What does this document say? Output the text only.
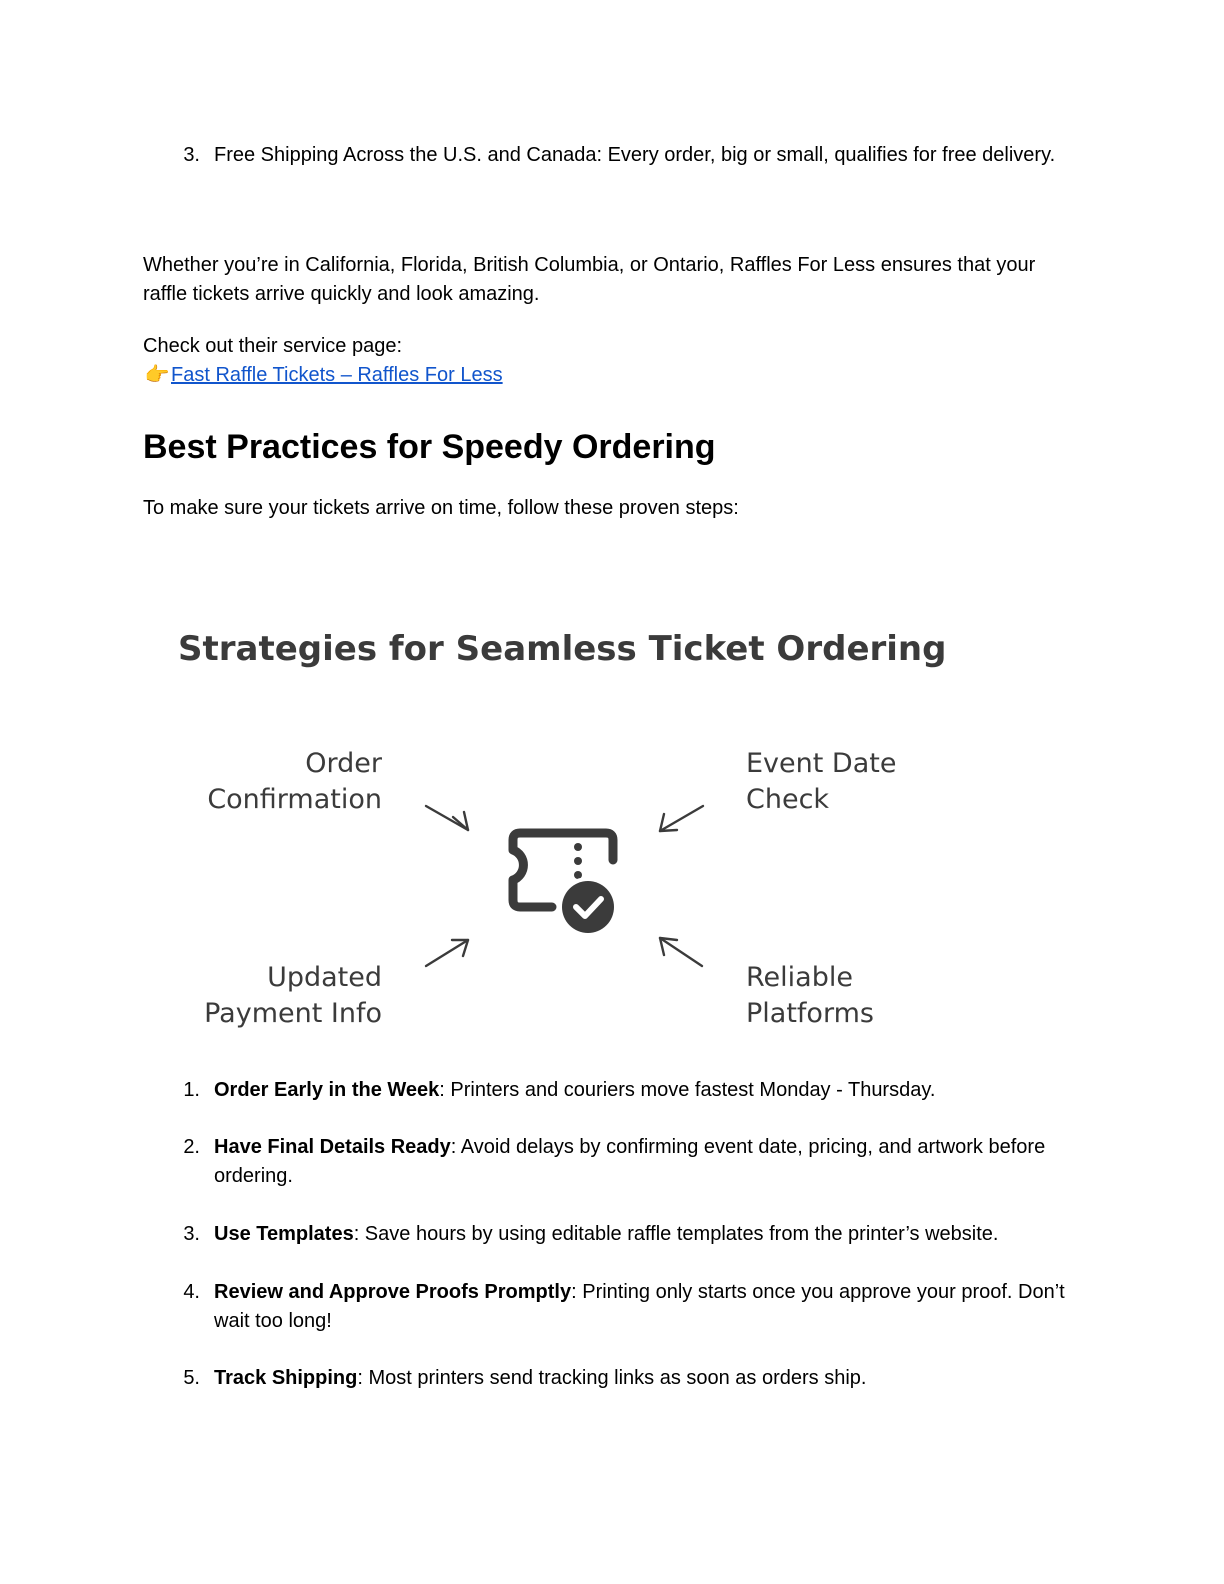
3. Free Shipping Across the U.S. and Canada: Every order, big or small, qualifies for free delivery.

Whether you’re in California, Florida, British Columbia, or Ontario, Raffles For Less ensures that your raffle tickets arrive quickly and look amazing.

Check out their service page:

👉Fast Raffle Tickets – Raffles For Less

Best Practices for Speedy Ordering

To make sure your tickets arrive on time, follow these proven steps:

Strategies for Seamless Ticket Ordering
Order
Confirmation
Event Date
Check
Updated
Payment Info
Reliable
Platforms
1. Order Early in the Week: Printers and couriers move fastest Monday - Thursday.
2. Have Final Details Ready: Avoid delays by confirming event date, pricing, and artwork before ordering.
3. Use Templates: Save hours by using editable raffle templates from the printer’s website.
4. Review and Approve Proofs Promptly: Printing only starts once you approve your proof. Don’t wait too long!
5. Track Shipping: Most printers send tracking links as soon as orders ship.
